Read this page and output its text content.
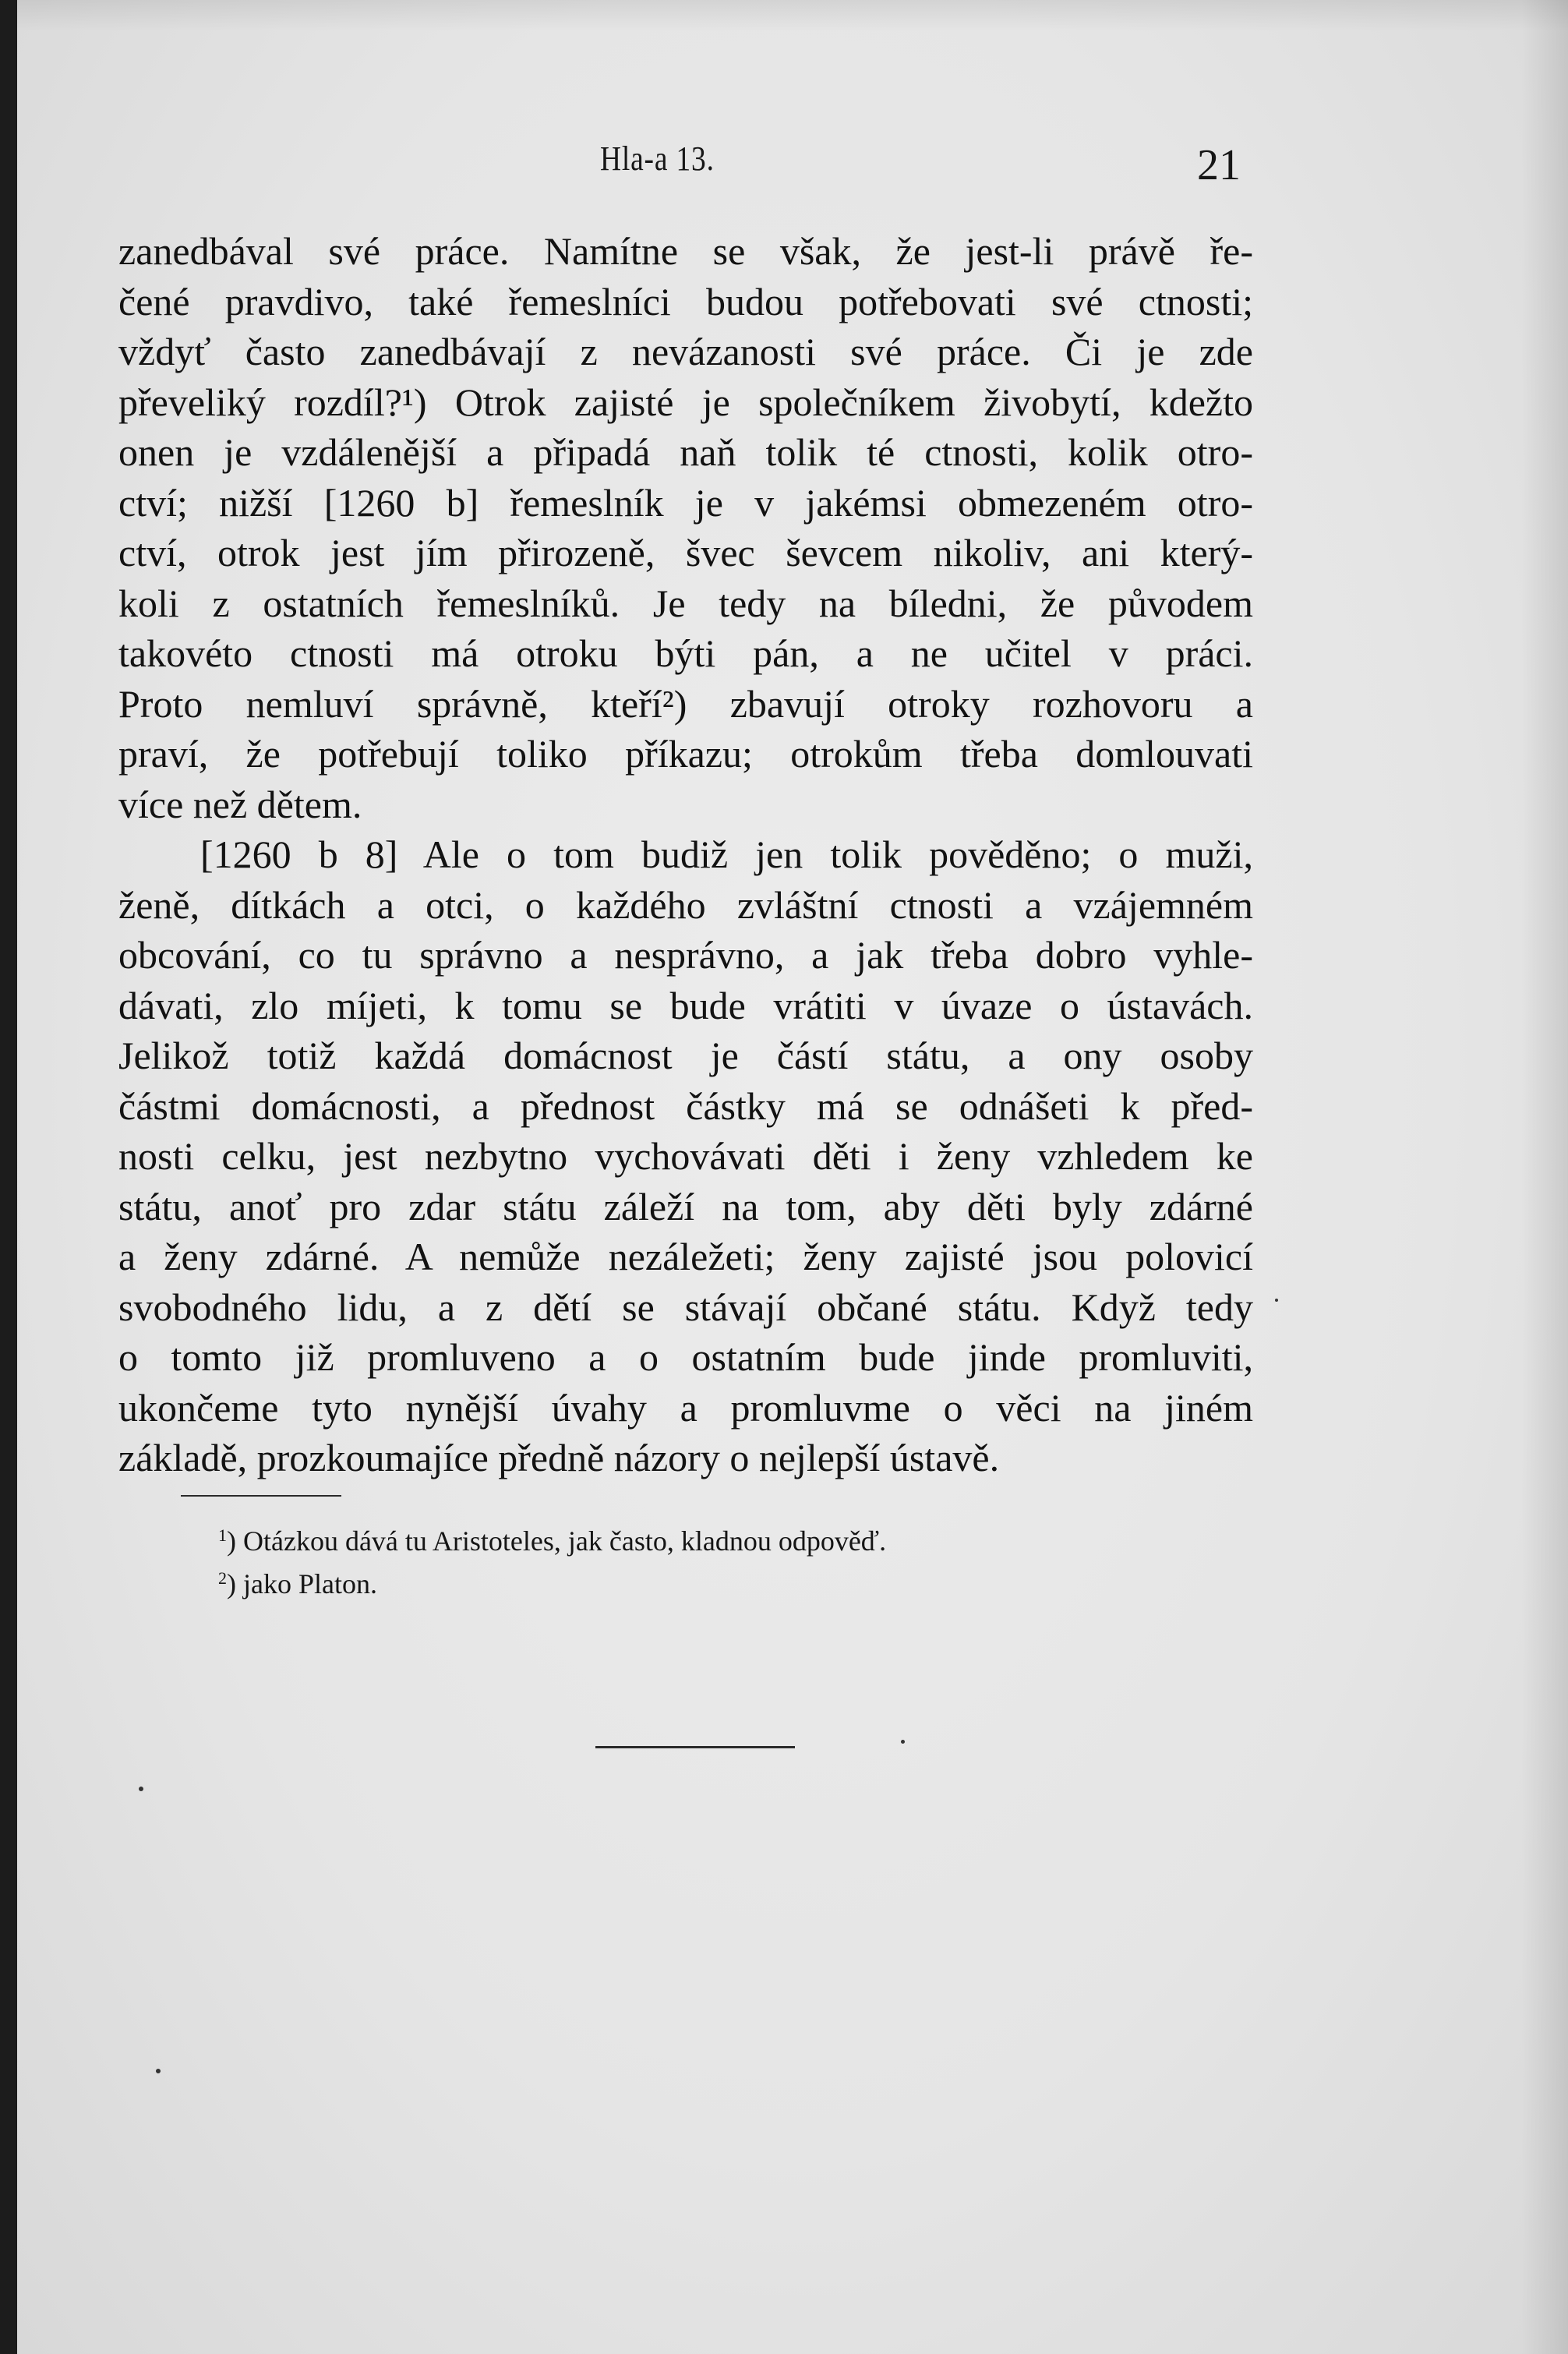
Hla‑a 13.	21
zanedbával své práce. Namítne se však, že jest-li právě ře-
čené pravdivo, také řemeslníci budou potřebovati své ctnosti;
vždyť často zanedbávají z nevázanosti své práce. Či je zde
převeliký rozdíl?¹) Otrok zajisté je společníkem živobytí, kdežto
onen je vzdálenější a připadá naň tolik té ctnosti, kolik otro-
ctví; nižší [1260 b] řemeslník je v jakémsi obmezeném otro-
ctví, otrok jest jím přirozeně, švec ševcem nikoliv, ani který-
koli z ostatních řemeslníků. Je tedy na bíledni, že původem
takovéto ctnosti má otroku býti pán, a ne učitel v práci.
Proto nemluví správně, kteří²) zbavují otroky rozhovoru a
praví, že potřebují toliko příkazu; otrokům třeba domlouvati
více než dětem.
[1260 b 8] Ale o tom budiž jen tolik pověděno; o muži,
ženě, dítkách a otci, o každého zvláštní ctnosti a vzájemném
obcování, co tu správno a nesprávno, a jak třeba dobro vyhle-
dávati, zlo míjeti, k tomu se bude vrátiti v úvaze o ústavách.
Jelikož totiž každá domácnost je částí státu, a ony osoby
částmi domácnosti, a přednost částky má se odnášeti k před-
nosti celku, jest nezbytno vychovávati děti i ženy vzhledem ke
státu, anoť pro zdar státu záleží na tom, aby děti byly zdárné
a ženy zdárné. A nemůže nezáležeti; ženy zajisté jsou polovicí
svobodného lidu, a z dětí se stávají občané státu. Když tedy
o tomto již promluveno a o ostatním bude jinde promluviti,
ukončeme tyto nynější úvahy a promluvme o věci na jiném
základě, prozkoumajíce předně názory o nejlepší ústavě.
$^1$) Otázkou dává tu Aristoteles, jak často, kladnou odpověď.
$^2$) jako Platon.
